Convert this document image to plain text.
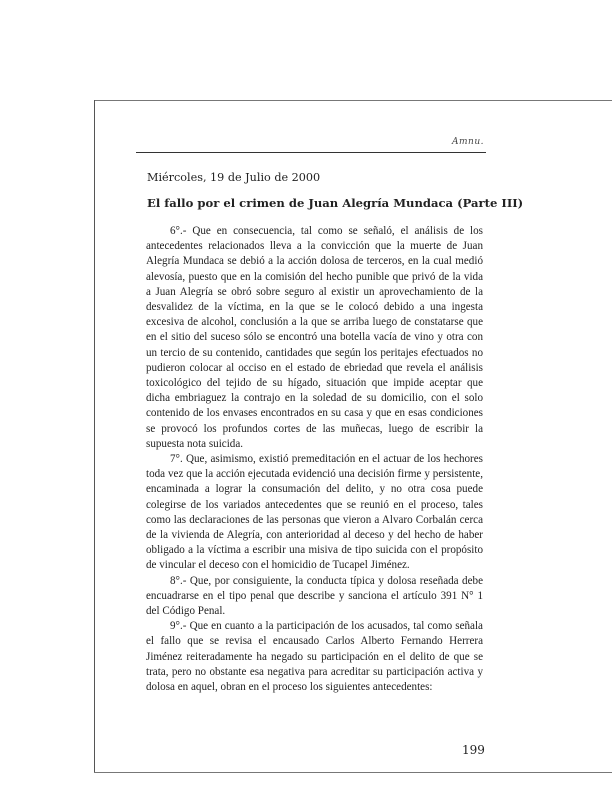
Amnu.
Miércoles, 19 de Julio de 2000
El fallo por el crimen de Juan Alegría Mundaca (Parte III)

6°.- Que en consecuencia, tal como se señaló, el análisis de los antecedentes relacionados lleva a la convicción que la muerte de Juan Alegría Mundaca se debió a la acción dolosa de terceros, en la cual medió alevosía, puesto que en la comisión del hecho punible que privó de la vida a Juan Alegría se obró sobre seguro al existir un aprovechamiento de la desvalidez de la víctima, en la que se le colocó debido a una ingesta excesiva de alcohol, conclusión a la que se arriba luego de constatarse que en el sitio del suceso sólo se encontró una botella vacía de vino y otra con un tercio de su contenido, cantidades que según los peritajes efectuados no pudieron colocar al occiso en el estado de ebriedad que revela el análisis toxicológico del tejido de su hígado, situación que impide aceptar que dicha embriaguez la contrajo en la soledad de su domicilio, con el solo contenido de los envases encontrados en su casa y que en esas condiciones se provocó los profundos cortes de las muñecas, luego de escribir la supuesta nota suicida.

7°. Que, asimismo, existió premeditación en el actuar de los hechores toda vez que la acción ejecutada evidenció una decisión firme y persistente, encaminada a lograr la consumación del delito, y no otra cosa puede colegirse de los variados antecedentes que se reunió en el proceso, tales como las declaraciones de las personas que vieron a Alvaro Corbalán cerca de la vivienda de Alegría, con anterioridad al deceso y del hecho de haber obligado a la víctima a escribir una misiva de tipo suicida con el propósito de vincular el deceso con el homicidio de Tucapel Jiménez.

8°.- Que, por consiguiente, la conducta típica y dolosa reseñada debe encuadrarse en el tipo penal que describe y sanciona el artículo 391 N° 1 del Código Penal.

9°.- Que en cuanto a la participación de los acusados, tal como señala el fallo que se revisa el encausado Carlos Alberto Fernando Herrera Jiménez reiteradamente ha negado su participación en el delito de que se trata, pero no obstante esa negativa para acreditar su participación activa y dolosa en aquel, obran en el proceso los siguientes antecedentes:

199
